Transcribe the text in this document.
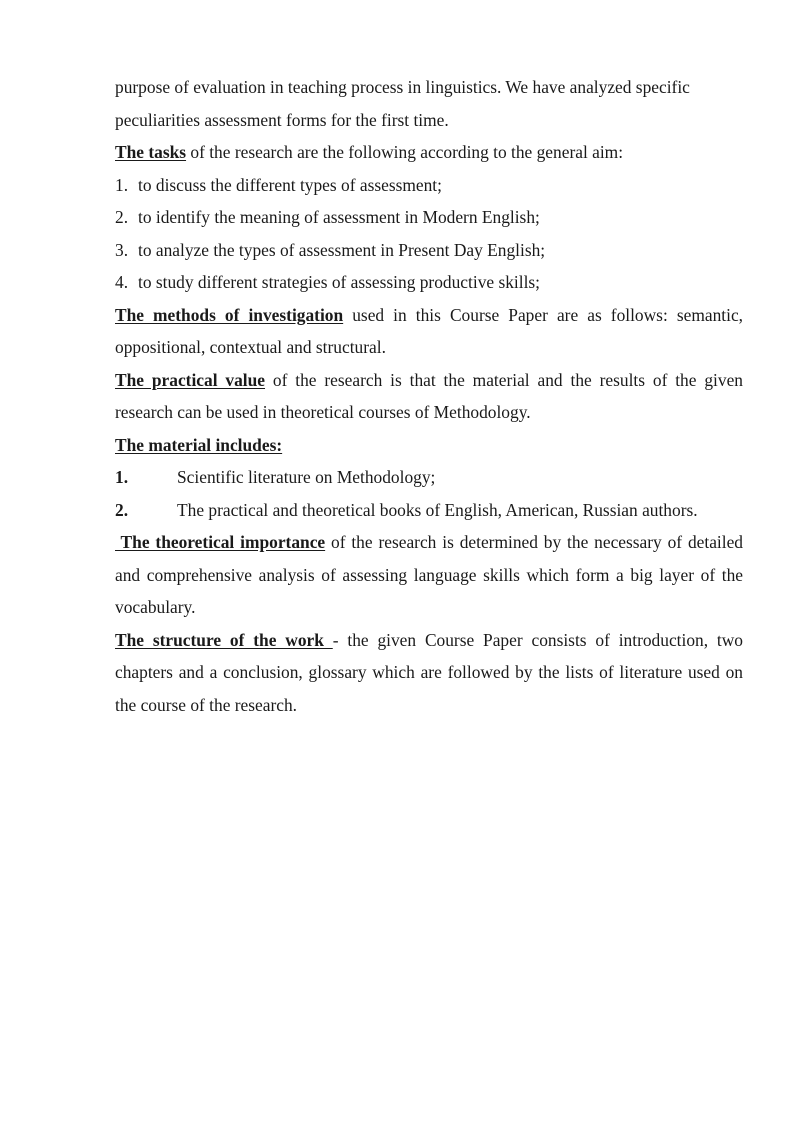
purpose of evaluation in teaching process in linguistics. We have analyzed specific
peculiarities assessment forms for the first time.

The tasks of the research are the following according to the general aim:

1. to discuss the different types of assessment;
2. to identify the meaning of assessment in Modern English;
3. to analyze the types of assessment in Present Day English;
4. to study different strategies of assessing productive skills;

The methods of investigation used in this Course Paper are as follows: semantic, oppositional, contextual and structural.

The practical value of the research is that the material and the results of the given research can be used in theoretical courses of Methodology.

The material includes:

1.	Scientific literature on Methodology;
2.	The practical and theoretical books of English, American, Russian authors.

The theoretical importance of the research is determined by the necessary of detailed and comprehensive analysis of assessing language skills which form a big layer of the vocabulary.

The structure of the work - the given Course Paper consists of introduction, two chapters and a conclusion, glossary which are followed by the lists of literature used on the course of the research.
